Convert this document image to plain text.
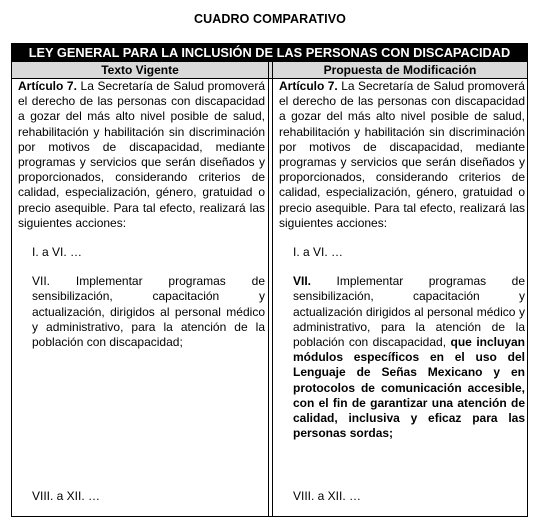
CUADRO COMPARATIVO
LEY GENERAL PARA LA INCLUSIÓN DE LAS PERSONAS CON DISCAPACIDAD
Texto Vigente	Propuesta de Modificación

Artículo 7. La Secretaría de Salud promoverá el derecho de las personas con discapacidad a gozar del más alto nivel posible de salud, rehabilitación y habilitación sin discriminación por motivos de discapacidad, mediante programas y servicios que serán diseñados y proporcionados, considerando criterios de calidad, especialización, género, gratuidad o precio asequible. Para tal efecto, realizará las siguientes acciones:

I. a VI. …

VII. Implementar programas de sensibilización, capacitación y actualización, dirigidos al personal médico y administrativo, para la atención de la población con discapacidad;

Artículo 7. La Secretaría de Salud promoverá el derecho de las personas con discapacidad a gozar del más alto nivel posible de salud, rehabilitación y habilitación sin discriminación por motivos de discapacidad, mediante programas y servicios que serán diseñados y proporcionados, considerando criterios de calidad, especialización, género, gratuidad o precio asequible. Para tal efecto, realizará las siguientes acciones:

I. a VI. …

VII. Implementar programas de sensibilización, capacitación y actualización dirigidos al personal médico y administrativo, para la atención de la población con discapacidad, que incluyan módulos específicos en el uso del Lenguaje de Señas Mexicano y en protocolos de comunicación accesible, con el fin de garantizar una atención de calidad, inclusiva y eficaz para las personas sordas;

VIII. a XII. …	VIII. a XII. …
